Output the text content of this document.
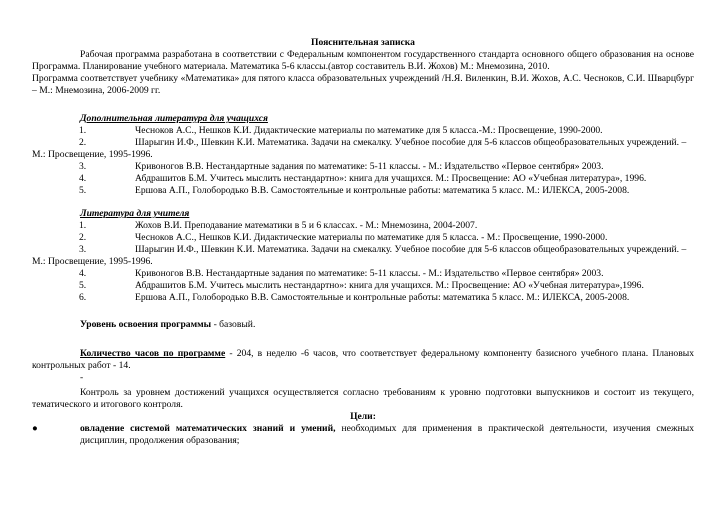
Пояснительная записка

Рабочая программа разработана в соответствии с Федеральным компонентом государственного стандарта основного общего образования на основе Программа. Планирование учебного материала. Математика 5-6 классы.(автор составитель В.И. Жохов) М.: Мнемозина, 2010.

Программа соответствует учебнику «Математика» для пятого класса образовательных учреждений /Н.Я. Виленкин, В.И. Жохов, А.С. Чесноков, С.И. Шварцбург – М.: Мнемозина, 2006-2009 гг.

Дополнительная литература для учащихся

1.	Чесноков А.С., Нешков К.И. Дидактические материалы по математике для 5 класса.-М.: Просвещение, 1990-2000.

2.	Шарыгин И.Ф., Шевкин К.И. Математика. Задачи на смекалку. Учебное пособие для 5-6 классов общеобразовательных учреждений. – М.: Просвещение, 1995-1996.

3.	Кривоногов В.В. Нестандартные задания по математике: 5-11 классы. - М.: Издательство «Первое сентября» 2003.

4.	Абдрашитов Б.М. Учитесь мыслить нестандартно»: книга для учащихся. М.: Просвещение: АО «Учебная литература», 1996.

5.	Ершова А.П., Голобородько В.В. Самостоятельные и контрольные работы: математика 5 класс. М.: ИЛЕКСА, 2005-2008.

Литература для учителя

1.	Жохов В.И. Преподавание математики в 5 и 6 классах. - М.: Мнемозина, 2004-2007.

2.	Чесноков А.С., Нешков К.И. Дидактические материалы по математике для 5 класса. - М.: Просвещение, 1990-2000.

3.	Шарыгин И.Ф., Шевкин К.И. Математика. Задачи на смекалку. Учебное пособие для 5-6 классов общеобразовательных учреждений. – М.: Просвещение, 1995-1996.

4.	Кривоногов В.В. Нестандартные задания по математике: 5-11 классы. - М.: Издательство «Первое сентября» 2003.

5.	Абдрашитов Б.М. Учитесь мыслить нестандартно»: книга для учащихся. М.: Просвещение: АО «Учебная литература»,1996.

6.	Ершова А.П., Голобородько В.В. Самостоятельные и контрольные работы: математика 5 класс. М.: ИЛЕКСА, 2005-2008.

Уровень освоения программы - базовый.

Количество часов по программе - 204, в неделю -6 часов, что соответствует федеральному компоненту базисного учебного плана. Плановых контрольных работ - 14.

-

Контроль за уровнем достижений учащихся осуществляется согласно требованиям к уровню подготовки выпускников и состоит из текущего, тематического и итогового контроля.

Цели:
●	овладение системой математических знаний и умений, необходимых для применения в практической деятельности, изучения смежных дисциплин, продолжения образования;
